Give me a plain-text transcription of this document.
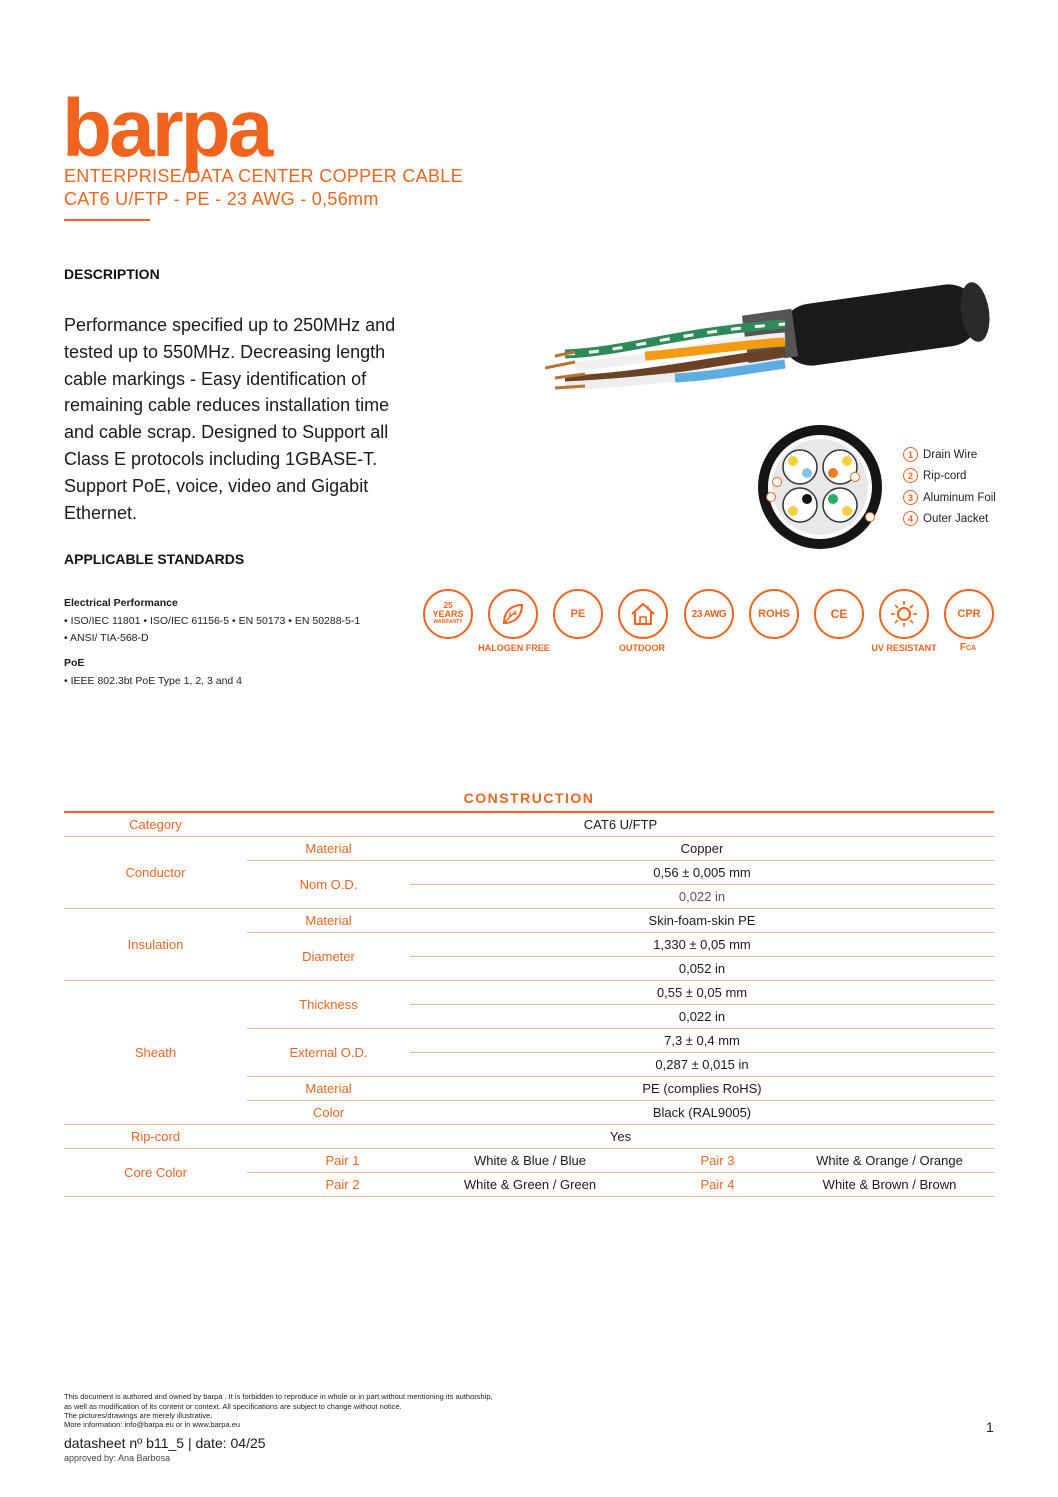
barpa
ENTERPRISE/DATA CENTER COPPER CABLE
CAT6 U/FTP - PE - 23 AWG - 0,56mm
DESCRIPTION
Performance specified up to 250MHz and tested up to 550MHz. Decreasing length cable markings - Easy identification of remaining cable reduces installation time and cable scrap. Designed to Support all Class E protocols including 1GBASE-T. Support PoE, voice, video and Gigabit Ethernet.
1 Drain Wire
2 Rip-cord
3 Aluminum Foil
4 Outer Jacket
APPLICABLE STANDARDS
Electrical Performance
• ISO/IEC 11801 • ISO/IEC 61156-5 • EN 50173 • EN 50288-5-1
• ANSI/ TIA-568-D
PoE
• IEEE 802.3bt PoE Type 1, 2, 3 and 4
25
YEARS
WARRANTY
HALOGEN FREE
PE
OUTDOOR
23 AWG	ROHS	CE
UV RESISTANT
CPR
FCA
CONSTRUCTION
Category	CAT6 U/FTP			
Conductor	Material	Copper		
	Nom O.D.	0,56 ± 0,005 mm		
		0,022 in		
Insulation	Material	Skin-foam-skin PE		
	Diameter	1,330 ± 0,05 mm		
		0,052 in		
Sheath	Thickness	0,55 ± 0,05 mm		
		0,022 in		
	External O.D.	7,3 ± 0,4 mm		
		0,287 ± 0,015 in		
	Material	PE (complies RoHS)		
	Color	Black (RAL9005)		
Rip-cord	Yes			
Core Color	Pair 1	White & Blue / Blue	Pair 3	White & Orange / Orange
	Pair 2	White & Green / Green	Pair 4	White & Brown / Brown
This document is authored and owned by barpa . It is forbidden to reproduce in whole or in part without mentioning its authorship,
as well as modification of its content or context. All specifications are subject to change without notice.
The pictures/drawings are merely illustrative.
More information: info@barpa.eu or in www.barpa.eu
datasheet nº b11_5 | date: 04/25
approved by: Ana Barbosa
1
